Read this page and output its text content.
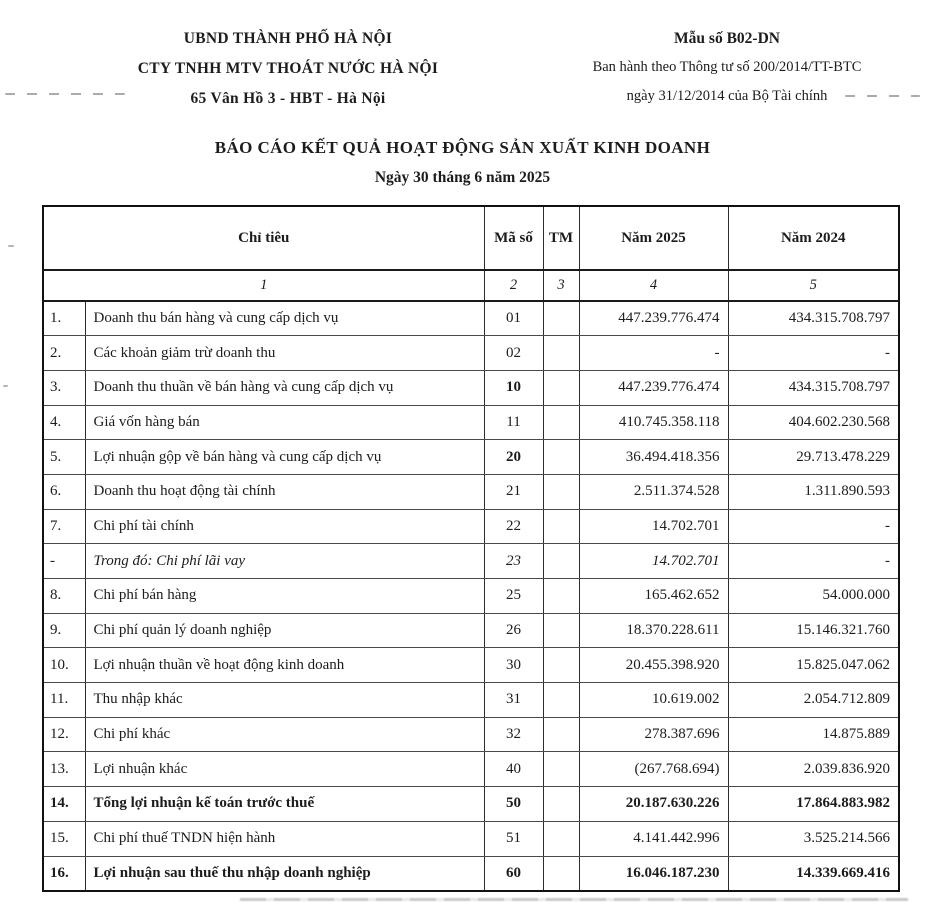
UBND THÀNH PHỐ HÀ NỘI
CTY TNHH MTV THOÁT NƯỚC HÀ NỘI
65 Vân Hồ 3 - HBT - Hà Nội
Mẫu số B02-DN
Ban hành theo Thông tư số 200/2014/TT-BTC
ngày 31/12/2014 của Bộ Tài chính
BÁO CÁO KẾT QUẢ HOẠT ĐỘNG SẢN XUẤT KINH DOANH
Ngày 30 tháng 6 năm 2025
Chỉ tiêu		Mã số	TM	Năm 2025	Năm 2024
1		2	3	4	5
1.	Doanh thu bán hàng và cung cấp dịch vụ	01		447.239.776.474	434.315.708.797
2.	Các khoản giảm trừ doanh thu	02		-	-
3.	Doanh thu thuần về bán hàng và cung cấp dịch vụ	10		447.239.776.474	434.315.708.797
4.	Giá vốn hàng bán	11		410.745.358.118	404.602.230.568
5.	Lợi nhuận gộp về bán hàng và cung cấp dịch vụ	20		36.494.418.356	29.713.478.229
6.	Doanh thu hoạt động tài chính	21		2.511.374.528	1.311.890.593
7.	Chi phí tài chính	22		14.702.701	-
-	Trong đó: Chi phí lãi vay	23		14.702.701	-
8.	Chi phí bán hàng	25		165.462.652	54.000.000
9.	Chi phí quản lý doanh nghiệp	26		18.370.228.611	15.146.321.760
10.	Lợi nhuận thuần về hoạt động kinh doanh	30		20.455.398.920	15.825.047.062
11.	Thu nhập khác	31		10.619.002	2.054.712.809
12.	Chi phí khác	32		278.387.696	14.875.889
13.	Lợi nhuận khác	40		(267.768.694)	2.039.836.920
14.	Tổng lợi nhuận kế toán trước thuế	50		20.187.630.226	17.864.883.982
15.	Chi phí thuế TNDN hiện hành	51		4.141.442.996	3.525.214.566
16.	Lợi nhuận sau thuế thu nhập doanh nghiệp	60		16.046.187.230	14.339.669.416
